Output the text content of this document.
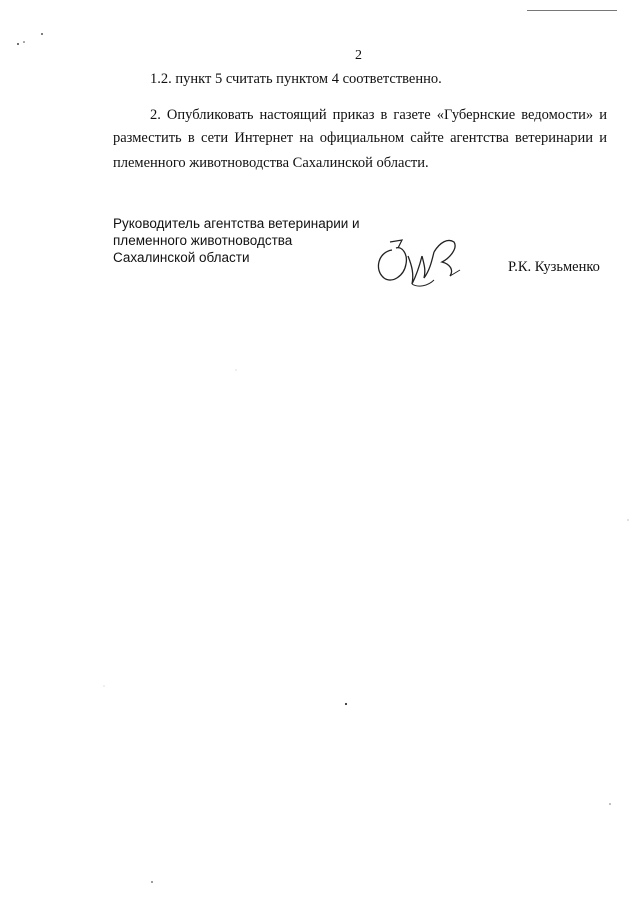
2
1.2. пункт 5 считать пунктом 4 соответственно.
2. Опубликовать настоящий приказ в газете «Губернские ведомости» и
разместить в сети Интернет на официальном сайте агентства ветеринарии и
племенного животноводства Сахалинской области.
Руководитель агентства ветеринарии и
племенного животноводства
Сахалинской области
Р.К. Кузьменко
